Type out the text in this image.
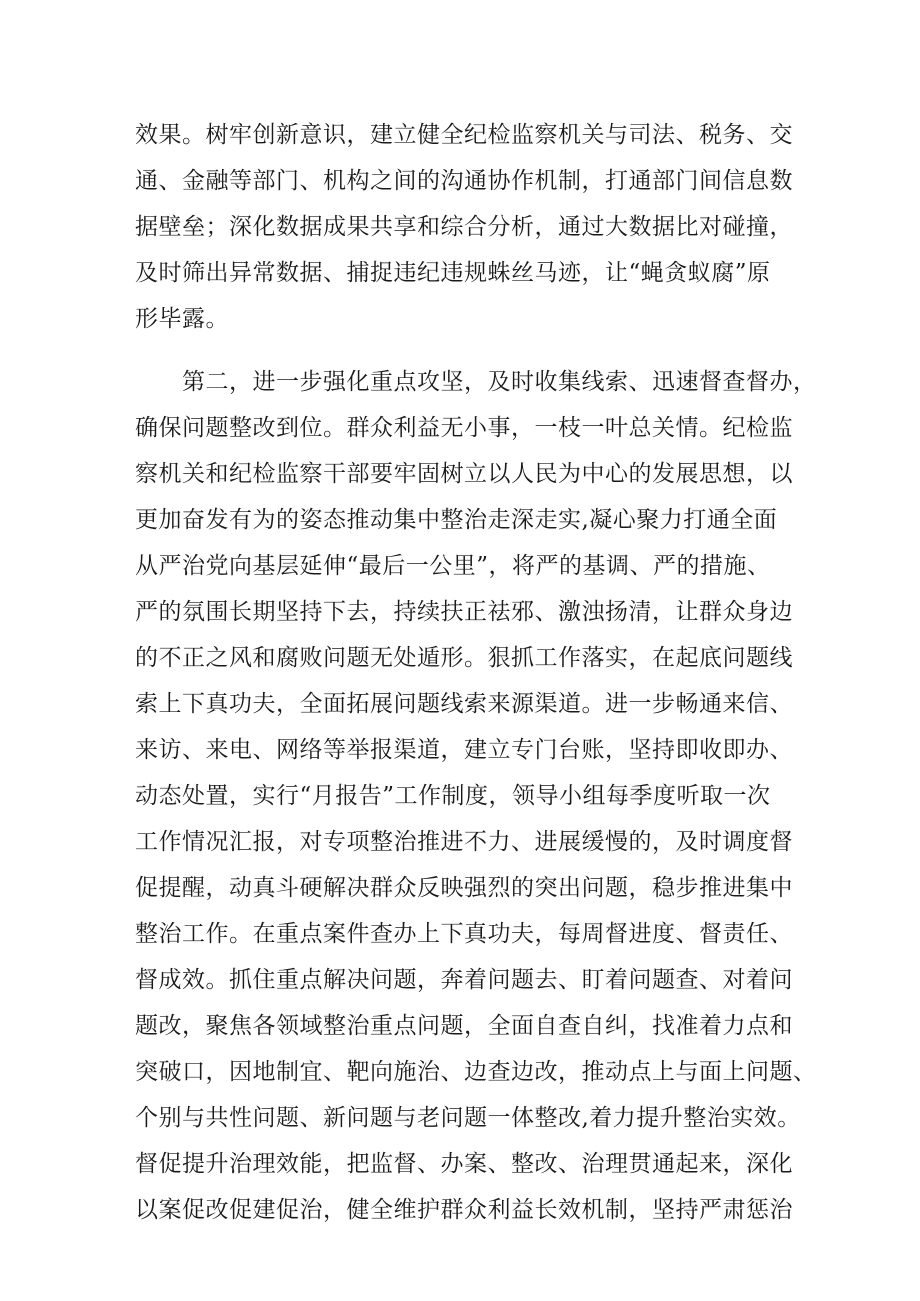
效果。树牢创新意识，建立健全纪检监察机关与司法、税务、交
通、金融等部门、机构之间的沟通协作机制，打通部门间信息数
据壁垒；深化数据成果共享和综合分析，通过大数据比对碰撞，
及时筛出异常数据、捕捉违纪违规蛛丝马迹，让“蝇贪蚁腐”原
形毕露。
　　第二，进一步强化重点攻坚，及时收集线索、迅速督查督办，
确保问题整改到位。群众利益无小事，一枝一叶总关情。纪检监
察机关和纪检监察干部要牢固树立以人民为中心的发展思想，以
更加奋发有为的姿态推动集中整治走深走实,凝心聚力打通全面
从严治党向基层延伸“最后一公里”，将严的基调、严的措施、
严的氛围长期坚持下去，持续扶正祛邪、激浊扬清，让群众身边
的不正之风和腐败问题无处遁形。狠抓工作落实，在起底问题线
索上下真功夫，全面拓展问题线索来源渠道。进一步畅通来信、
来访、来电、网络等举报渠道，建立专门台账，坚持即收即办、
动态处置，实行“月报告”工作制度，领导小组每季度听取一次
工作情况汇报，对专项整治推进不力、进展缓慢的，及时调度督
促提醒，动真斗硬解决群众反映强烈的突出问题，稳步推进集中
整治工作。在重点案件查办上下真功夫，每周督进度、督责任、
督成效。抓住重点解决问题，奔着问题去、盯着问题查、对着问
题改，聚焦各领域整治重点问题，全面自查自纠，找准着力点和
突破口，因地制宜、靶向施治、边查边改，推动点上与面上问题、
个别与共性问题、新问题与老问题一体整改,着力提升整治实效。
督促提升治理效能，把监督、办案、整改、治理贯通起来，深化
以案促改促建促治，健全维护群众利益长效机制，坚持严肃惩治
